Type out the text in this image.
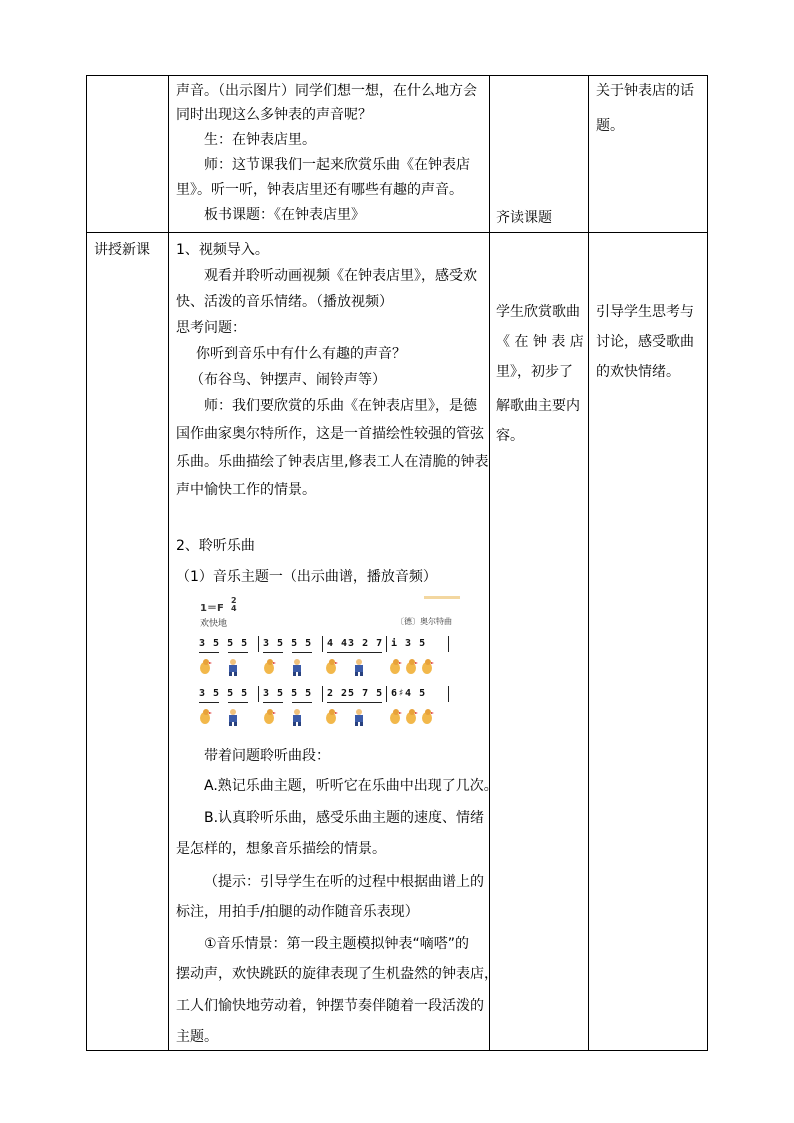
声音。（出示图片）同学们想一想，在什么地方会
同时出现这么多钟表的声音呢？
生：在钟表店里。
师：这节课我们一起来欣赏乐曲《在钟表店
里》。听一听，钟表店里还有哪些有趣的声音。
板书课题：《在钟表店里》	齐读课题
关于钟表店的话
题。
讲授新课 1、视频导入。
观看并聆听动画视频《在钟表店里》，感受欢
快、活泼的音乐情绪。（播放视频）
思考问题：
你听到音乐中有什么有趣的声音？
（布谷鸟、钟摆声、闹铃声等）
师：我们要欣赏的乐曲《在钟表店里》，是德
国作曲家奥尔特所作，这是一首描绘性较强的管弦
乐曲。乐曲描绘了钟表店里,修表工人在清脆的钟表
声中愉快工作的情景。
2、聆听乐曲
（1）音乐主题一（出示曲谱，播放音频）
1＝F
2
4
欢快地	〔德〕奥尔特曲
3 5 5 5 3 5 5 5 4 43 2 7 i 3 5
3 5 5 5 3 5 5 5 2 25 7 5 6♯4 5
带着问题聆听曲段：
A.熟记乐曲主题，听听它在乐曲中出现了几次。
B.认真聆听乐曲，感受乐曲主题的速度、情绪
是怎样的，想象音乐描绘的情景。
（提示：引导学生在听的过程中根据曲谱上的
标注，用拍手/拍腿的动作随音乐表现）
①音乐情景：第一段主题模拟钟表“嘀嗒”的
摆动声，欢快跳跃的旋律表现了生机盎然的钟表店，
工人们愉快地劳动着，钟摆节奏伴随着一段活泼的
主题。
学生欣赏歌曲
《 在 钟 表 店
里》，初步了
解歌曲主要内
容。
引导学生思考与
讨论，感受歌曲
的欢快情绪。
